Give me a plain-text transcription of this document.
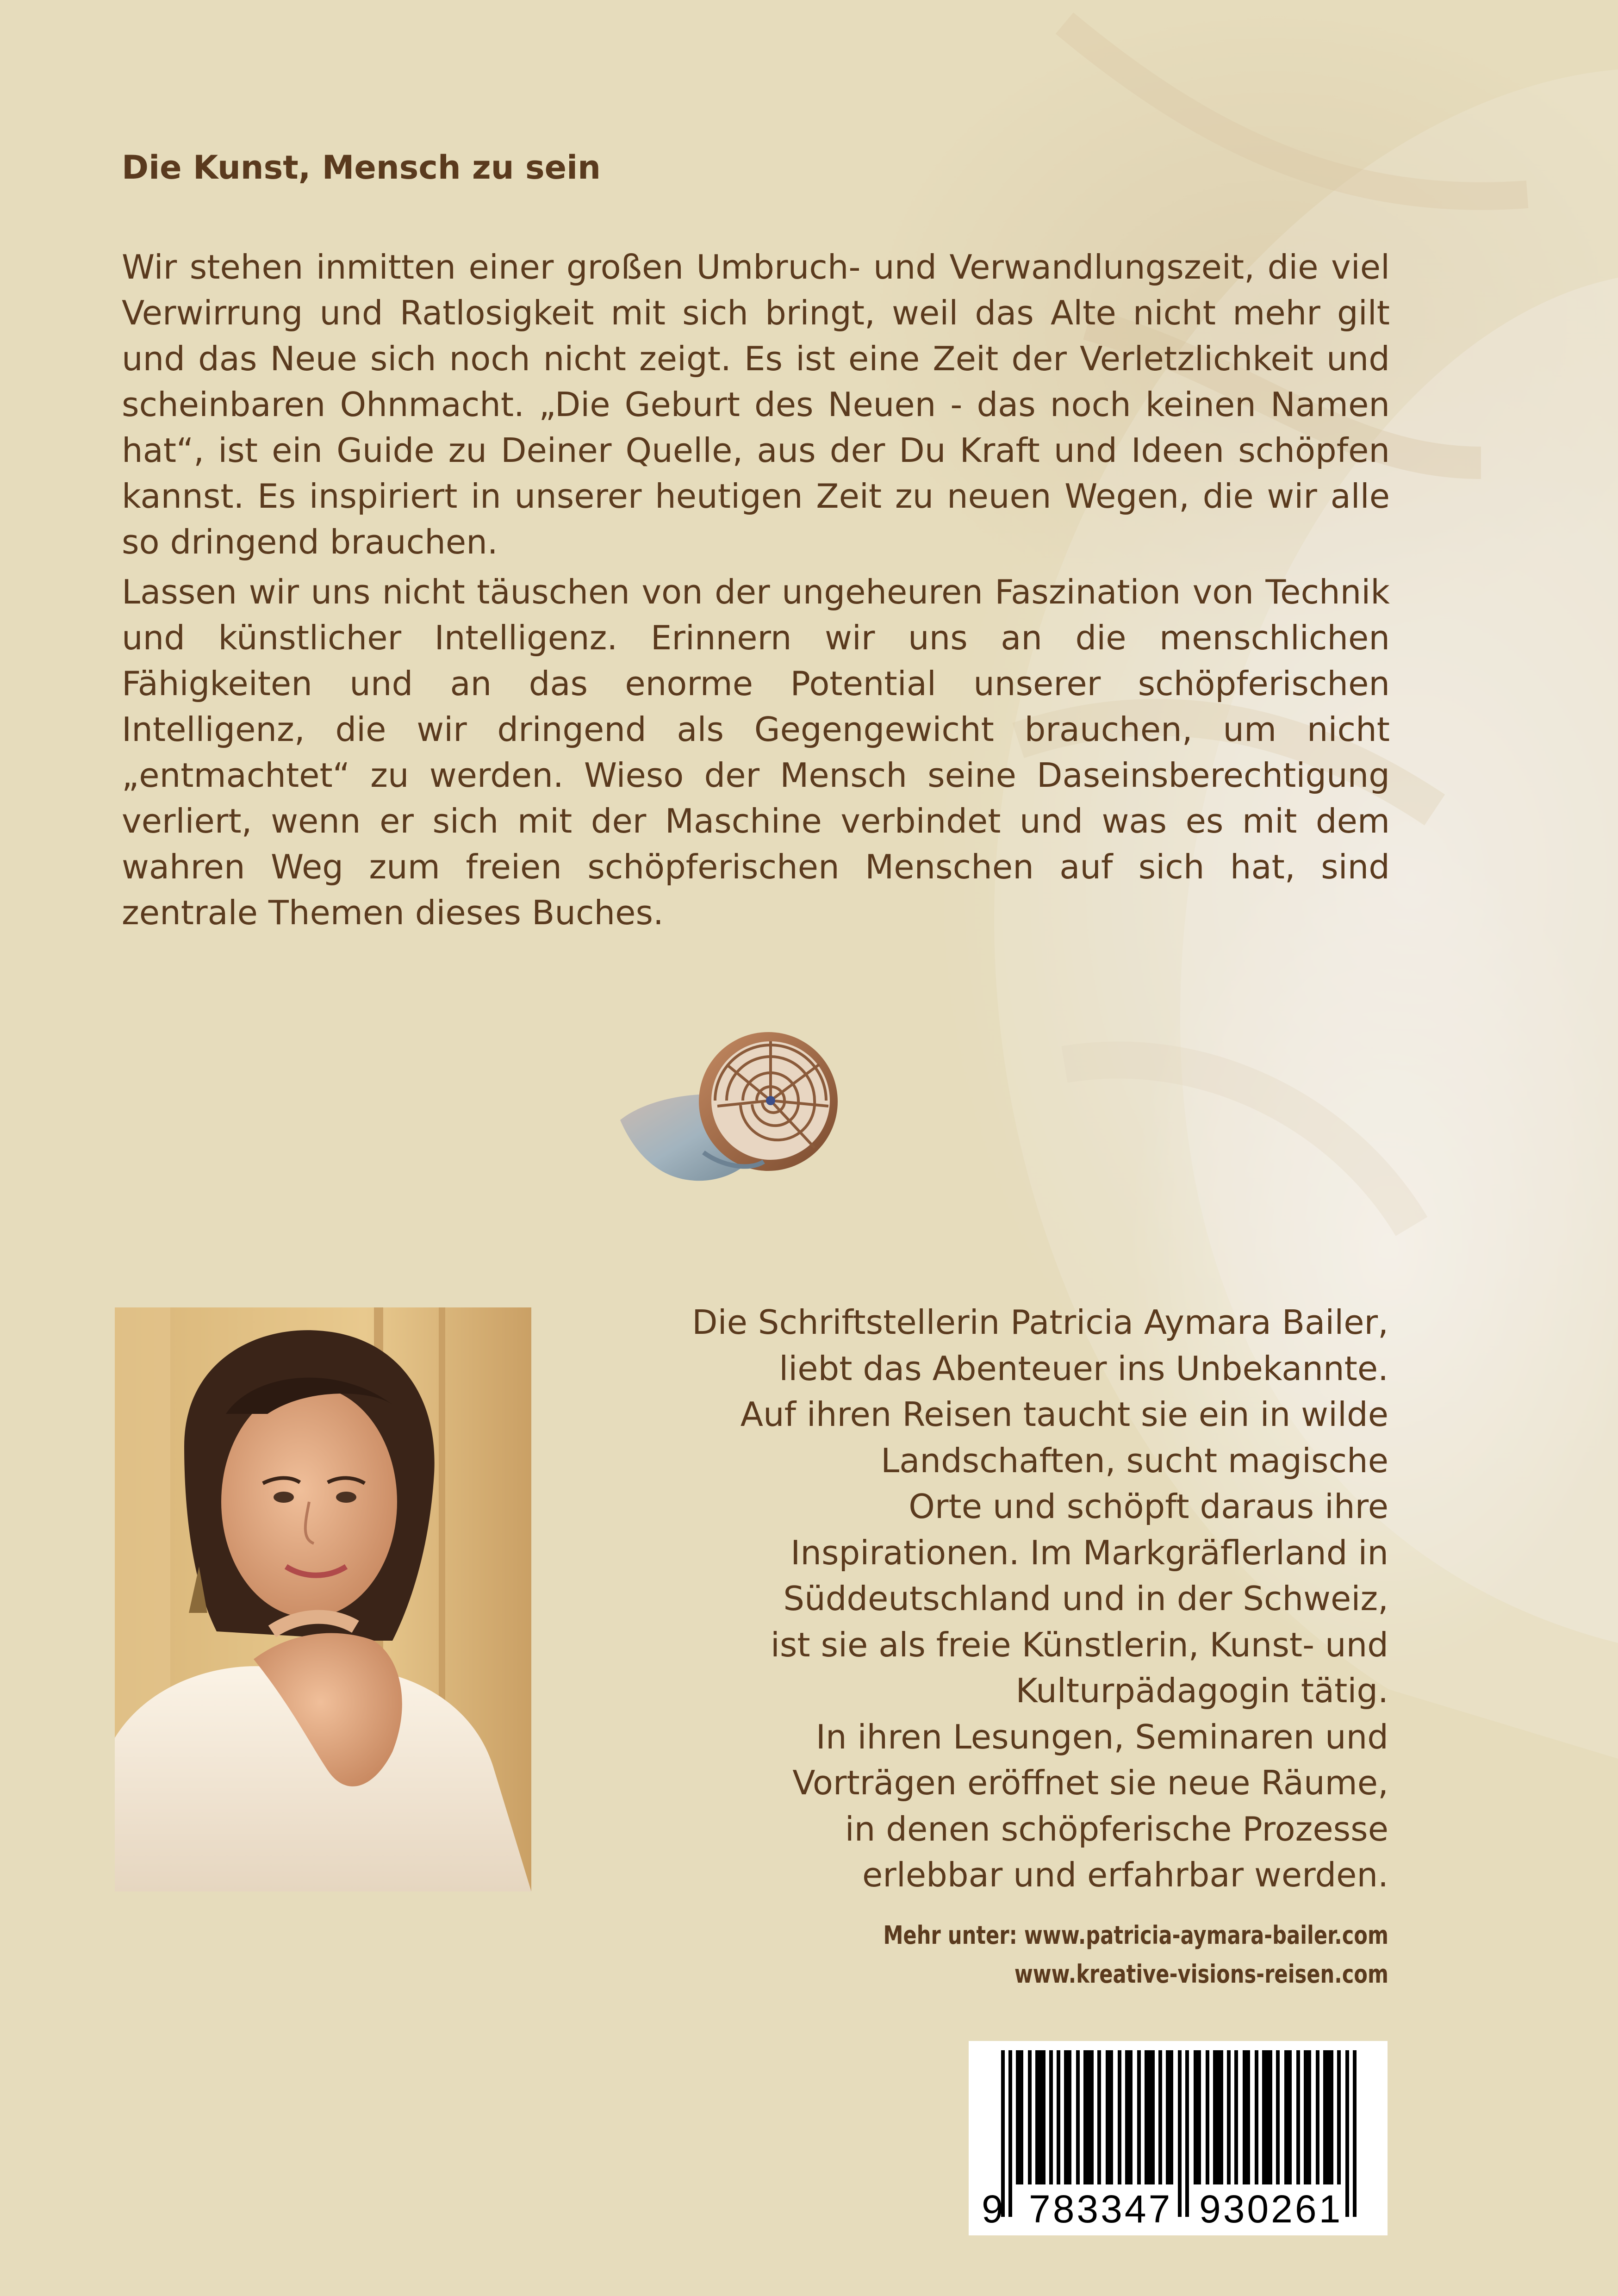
Die Kunst, Mensch zu sein

Wir stehen inmitten einer großen Umbruch- und Verwandlungszeit, die viel Verwirrung und Ratlosigkeit mit sich bringt, weil das Alte nicht mehr gilt und das Neue sich noch nicht zeigt. Es ist eine Zeit der Verletzlichkeit und scheinbaren Ohnmacht. „Die Geburt des Neuen - das noch keinen Namen hat“, ist ein Guide zu Deiner Quelle, aus der Du Kraft und Ideen schöpfen kannst. Es inspiriert in unserer heutigen Zeit zu neuen Wegen, die wir alle so dringend brauchen.

Lassen wir uns nicht täuschen von der ungeheuren Faszination von Technik und künstlicher Intelligenz. Erinnern wir uns an die menschlichen Fähigkeiten und an das enorme Potential unserer schöpferischen Intelligenz, die wir dringend als Gegengewicht brauchen, um nicht „entmachtet“ zu werden. Wieso der Mensch seine Daseinsberechtigung verliert, wenn er sich mit der Maschine verbindet und was es mit dem wahren Weg zum freien schöpferischen Menschen auf sich hat, sind zentrale Themen dieses Buches.

Die Schriftstellerin Patricia Aymara Bailer,
liebt das Abenteuer ins Unbekannte.
Auf ihren Reisen taucht sie ein in wilde
Landschaften, sucht magische
Orte und schöpft daraus ihre
Inspirationen. Im Markgräflerland in
Süddeutschland und in der Schweiz,
ist sie als freie Künstlerin, Kunst- und
Kulturpädagogin tätig.
In ihren Lesungen, Seminaren und
Vorträgen eröffnet sie neue Räume,
in denen schöpferische Prozesse
erlebbar und erfahrbar werden.
Mehr unter: www.patricia-aymara-bailer.com
www.kreative-visions-reisen.com
9 783347 930261
